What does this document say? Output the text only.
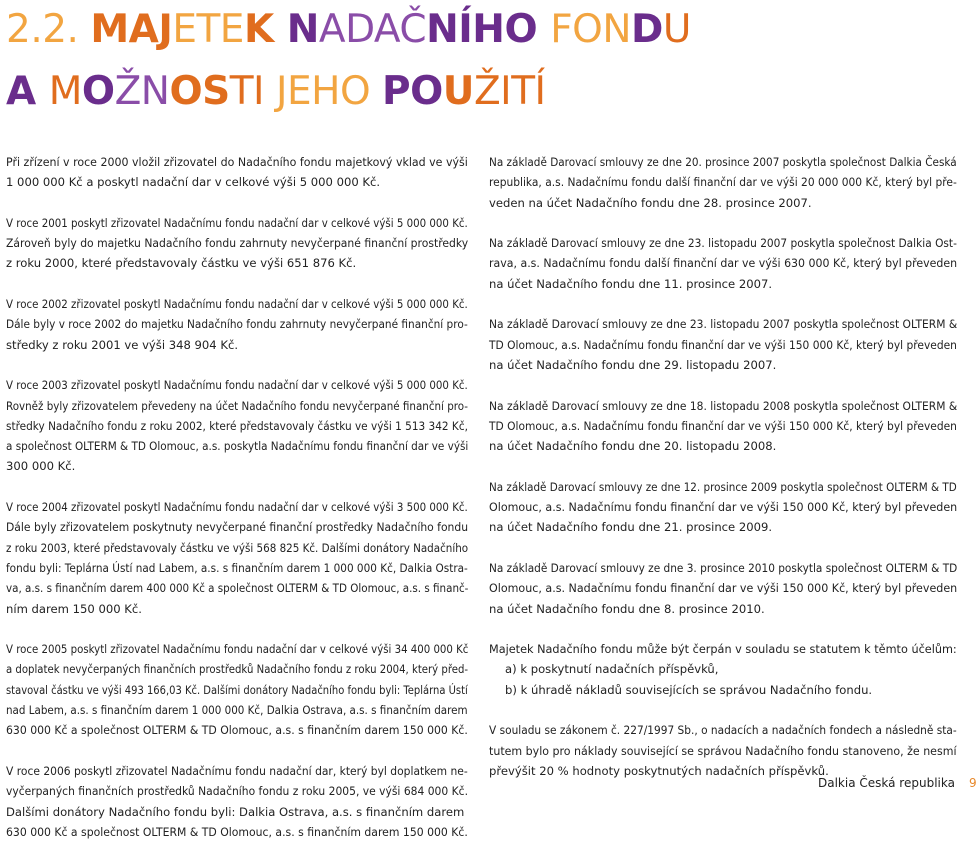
2.2. MAJETEK NADAČNÍHO FONDU
A MOŽNOSTI JEHO POUŽITÍ
Při zřízení v roce 2000 vložil zřizovatel do Nadačního fondu majetkový vklad ve výši
1 000 000 Kč a poskytl nadační dar v celkové výši 5 000 000 Kč.
V roce 2001 poskytl zřizovatel Nadačnímu fondu nadační dar v celkové výši 5 000 000 Kč.
Zároveň byly do majetku Nadačního fondu zahrnuty nevyčerpané finanční prostředky
z roku 2000, které představovaly částku ve výši 651 876 Kč.
V roce 2002 zřizovatel poskytl Nadačnímu fondu nadační dar v celkové výši 5 000 000 Kč.
Dále byly v roce 2002 do majetku Nadačního fondu zahrnuty nevyčerpané finanční pro-
středky z roku 2001 ve výši 348 904 Kč.
V roce 2003 zřizovatel poskytl Nadačnímu fondu nadační dar v celkové výši 5 000 000 Kč.
Rovněž byly zřizovatelem převedeny na účet Nadačního fondu nevyčerpané finanční pro-
středky Nadačního fondu z roku 2002, které představovaly částku ve výši 1 513 342 Kč,
a společnost OLTERM & TD Olomouc, a.s. poskytla Nadačnímu fondu finanční dar ve výši
300 000 Kč.
V roce 2004 zřizovatel poskytl Nadačnímu fondu nadační dar v celkové výši 3 500 000 Kč.
Dále byly zřizovatelem poskytnuty nevyčerpané finanční prostředky Nadačního fondu
z roku 2003, které představovaly částku ve výši 568 825 Kč. Dalšími donátory Nadačního
fondu byli: Teplárna Ústí nad Labem, a.s. s finančním darem 1 000 000 Kč, Dalkia Ostra-
va, a.s. s finančním darem 400 000 Kč a společnost OLTERM & TD Olomouc, a.s. s finanč-
ním darem 150 000 Kč.
V roce 2005 poskytl zřizovatel Nadačnímu fondu nadační dar v celkové výši 34 400 000 Kč
a doplatek nevyčerpaných finančních prostředků Nadačního fondu z roku 2004, který před-
stavoval částku ve výši 493 166,03 Kč. Dalšími donátory Nadačního fondu byli: Teplárna Ústí
nad Labem, a.s. s finančním darem 1 000 000 Kč, Dalkia Ostrava, a.s. s finančním darem
630 000 Kč a společnost OLTERM & TD Olomouc, a.s. s finančním darem 150 000 Kč.
V roce 2006 poskytl zřizovatel Nadačnímu fondu nadační dar, který byl doplatkem ne-
vyčerpaných finančních prostředků Nadačního fondu z roku 2005, ve výši 684 000 Kč.
Dalšími donátory Nadačního fondu byli: Dalkia Ostrava, a.s. s finančním darem
630 000 Kč a společnost OLTERM & TD Olomouc, a.s. s finančním darem 150 000 Kč.
Na základě Darovací smlouvy ze dne 20. prosince 2007 poskytla společnost Dalkia Česká
republika, a.s. Nadačnímu fondu další finanční dar ve výši 20 000 000 Kč, který byl pře-
veden na účet Nadačního fondu dne 28. prosince 2007.
Na základě Darovací smlouvy ze dne 23. listopadu 2007 poskytla společnost Dalkia Ost-
rava, a.s. Nadačnímu fondu další finanční dar ve výši 630 000 Kč, který byl převeden
na účet Nadačního fondu dne 11. prosince 2007.
Na základě Darovací smlouvy ze dne 23. listopadu 2007 poskytla společnost OLTERM &
TD Olomouc, a.s. Nadačnímu fondu finanční dar ve výši 150 000 Kč, který byl převeden
na účet Nadačního fondu dne 29. listopadu 2007.
Na základě Darovací smlouvy ze dne 18. listopadu 2008 poskytla společnost OLTERM &
TD Olomouc, a.s. Nadačnímu fondu finanční dar ve výši 150 000 Kč, který byl převeden
na účet Nadačního fondu dne 20. listopadu 2008.
Na základě Darovací smlouvy ze dne 12. prosince 2009 poskytla společnost OLTERM & TD
Olomouc, a.s. Nadačnímu fondu finanční dar ve výši 150 000 Kč, který byl převeden
na účet Nadačního fondu dne 21. prosince 2009.
Na základě Darovací smlouvy ze dne 3. prosince 2010 poskytla společnost OLTERM & TD
Olomouc, a.s. Nadačnímu fondu finanční dar ve výši 150 000 Kč, který byl převeden
na účet Nadačního fondu dne 8. prosince 2010.
Majetek Nadačního fondu může být čerpán v souladu se statutem k těmto účelům:
a) k poskytnutí nadačních příspěvků,
b) k úhradě nákladů souvisejících se správou Nadačního fondu.
V souladu se zákonem č. 227/1997 Sb., o nadacích a nadačních fondech a následně sta-
tutem bylo pro náklady související se správou Nadačního fondu stanoveno, že nesmí
převýšit 20 % hodnoty poskytnutých nadačních příspěvků.
Dalkia Česká republika 9
